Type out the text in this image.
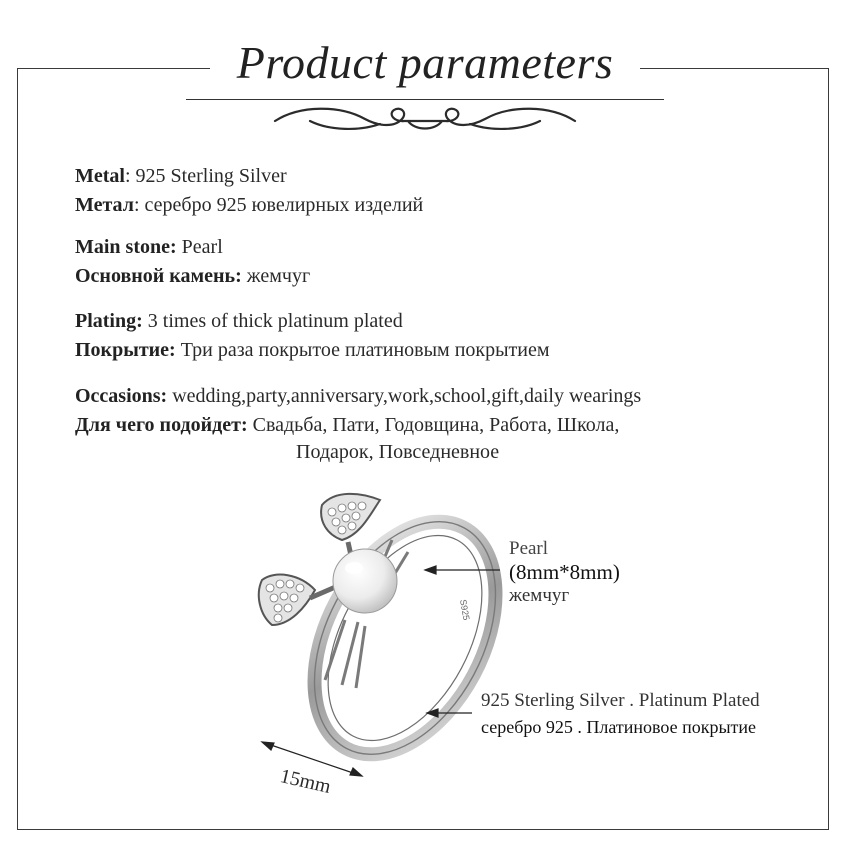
Product parameters
Metal: 925 Sterling Silver
Метал: серебро 925 ювелирных изделий
Main stone: Pearl
Основной камень: жемчуг
Plating: 3 times of thick platinum plated
Покрытие: Три раза покрытое платиновым покрытием
Occasions: wedding,party,anniversary,work,school,gift,daily wearings
Для чего подойдет: Свадьба, Пати, Годовщина, Работа, Школа,
Подарок, Повседневное
S925
Pearl
(8mm*8mm)
жемчуг
925 Sterling Silver . Platinum Plated
серебро 925 . Платиновое покрытие
15mm
